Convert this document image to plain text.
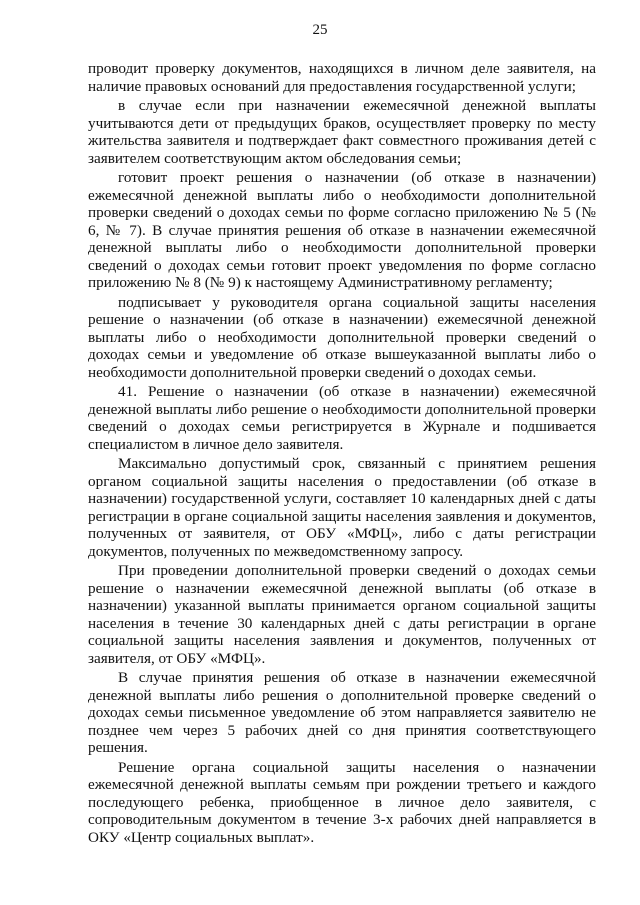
25

проводит проверку документов, находящихся в личном деле заявителя, на наличие правовых оснований для предоставления государственной услуги;

в случае если при назначении ежемесячной денежной выплаты учитываются дети от предыдущих браков, осуществляет проверку по месту жительства заявителя и подтверждает факт совместного проживания детей с заявителем соответствующим актом обследования семьи;

готовит проект решения о назначении (об отказе в назначении) ежемесячной денежной выплаты либо о необходимости дополнительной проверки сведений о доходах семьи по форме согласно приложению № 5 (№ 6, № 7). В случае принятия решения об отказе в назначении ежемесячной денежной выплаты либо о необходимости дополнительной проверки сведений о доходах семьи готовит проект уведомления по форме согласно приложению № 8 (№ 9) к настоящему Административному регламенту;

подписывает у руководителя органа социальной защиты населения решение о назначении (об отказе в назначении) ежемесячной денежной выплаты либо о необходимости дополнительной проверки сведений о доходах семьи и уведомление об отказе вышеуказанной выплаты либо о необходимости дополнительной проверки сведений о доходах семьи.

41. Решение о назначении (об отказе в назначении) ежемесячной денежной выплаты либо решение о необходимости дополнительной проверки сведений о доходах семьи регистрируется в Журнале и подшивается специалистом в личное дело заявителя.

Максимально допустимый срок, связанный с принятием решения органом социальной защиты населения о предоставлении (об отказе в назначении) государственной услуги, составляет 10 календарных дней с даты регистрации в органе социальной защиты населения заявления и документов, полученных от заявителя, от ОБУ «МФЦ», либо с даты регистрации документов, полученных по межведомственному запросу.

При проведении дополнительной проверки сведений о доходах семьи решение о назначении ежемесячной денежной выплаты (об отказе в назначении) указанной выплаты принимается органом социальной защиты населения в течение 30 календарных дней с даты регистрации в органе социальной защиты населения заявления и документов, полученных от заявителя, от ОБУ «МФЦ».

В случае принятия решения об отказе в назначении ежемесячной денежной выплаты либо решения о дополнительной проверке сведений о доходах семьи письменное уведомление об этом направляется заявителю не позднее чем через 5 рабочих дней со дня принятия соответствующего решения.

Решение органа социальной защиты населения о назначении ежемесячной денежной выплаты семьям при рождении третьего и каждого последующего ребенка, приобщенное в личное дело заявителя, с сопроводительным документом в течение 3-х рабочих дней направляется в ОКУ «Центр социальных выплат».
